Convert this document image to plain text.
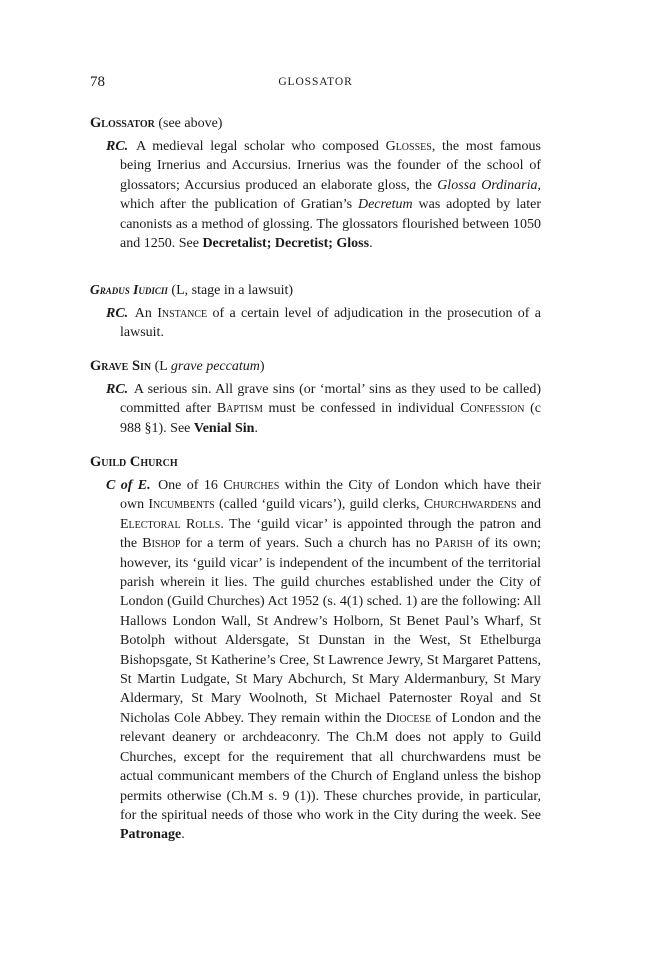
78	GLOSSATOR
Glossator (see above)
RC. A medieval legal scholar who composed Glosses, the most famous being Irnerius and Accursius. Irnerius was the founder of the school of glossators; Accursius produced an elaborate gloss, the Glossa Ordinaria, which after the publication of Gratian’s Decretum was adopted by later canonists as a method of glossing. The glossators flourished between 1050 and 1250. See Decretalist; Decretist; Gloss.
Gradus Iudicii (L, stage in a lawsuit)
RC. An Instance of a certain level of adjudication in the prosecution of a lawsuit.
Grave Sin (L grave peccatum)
RC. A serious sin. All grave sins (or ‘mortal’ sins as they used to be called) committed after Baptism must be confessed in individual Confession (c 988 §1). See Venial Sin.
Guild Church
C of E. One of 16 Churches within the City of London which have their own Incumbents (called ‘guild vicars’), guild clerks, Churchwardens and Electoral Rolls. The ‘guild vicar’ is appointed through the patron and the Bishop for a term of years. Such a church has no Parish of its own; however, its ‘guild vicar’ is independent of the incumbent of the territorial parish wherein it lies. The guild churches established under the City of London (Guild Churches) Act 1952 (s. 4(1) sched. 1) are the following: All Hallows London Wall, St Andrew’s Holborn, St Benet Paul’s Wharf, St Botolph without Aldersgate, St Dunstan in the West, St Ethelburga Bishopsgate, St Katherine’s Cree, St Lawrence Jewry, St Margaret Pattens, St Martin Ludgate, St Mary Abchurch, St Mary Aldermanbury, St Mary Aldermary, St Mary Woolnoth, St Michael Paternoster Royal and St Nicholas Cole Abbey. They remain within the Diocese of London and the relevant deanery or archdeaconry. The Ch.M does not apply to Guild Churches, except for the requirement that all churchwardens must be actual communicant members of the Church of England unless the bishop permits otherwise (Ch.M s. 9 (1)). These churches provide, in particular, for the spiritual needs of those who work in the City during the week. See Patronage.
